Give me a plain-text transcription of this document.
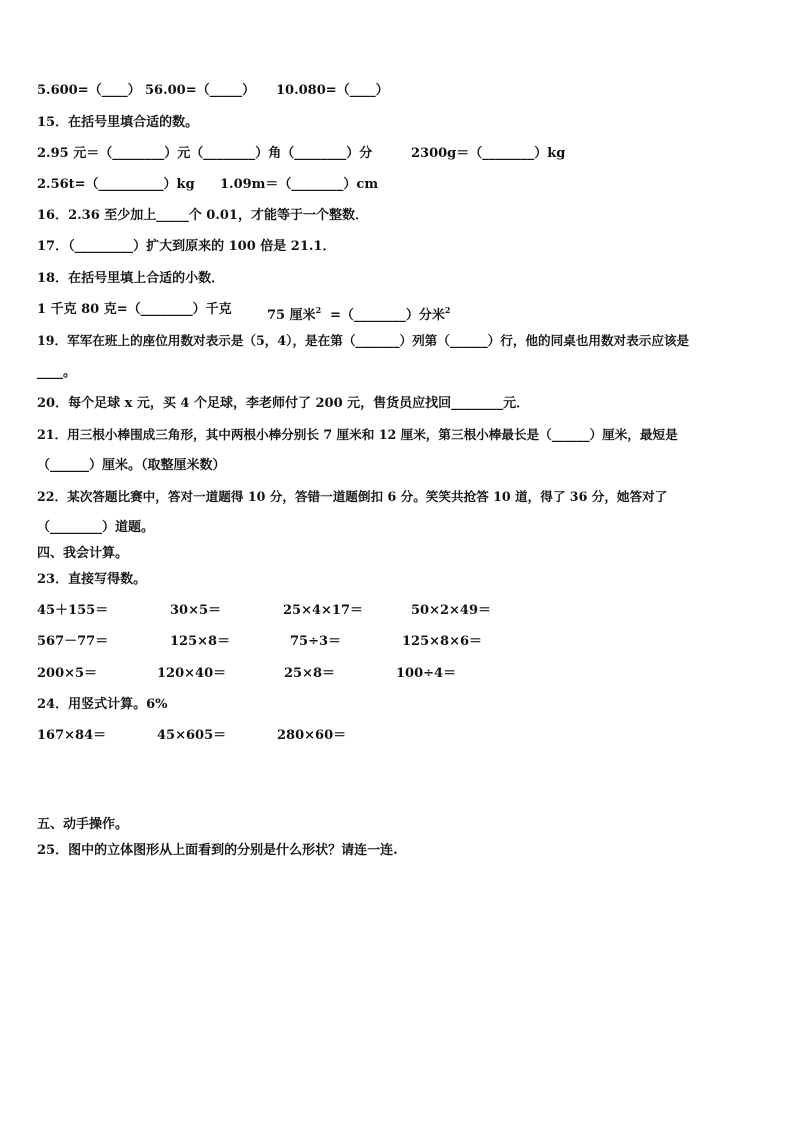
5.600=（____） 56.00=（_____） 10.080=（____）
15．在括号里填合适的数。
2.95 元＝（________）元（________）角（________）分	2300g＝（________）kg
2.56t=（__________）kg 1.09m＝（________）cm
16．2.36 至少加上_____个 0.01，才能等于一个整数．
17．（_________）扩大到原来的 100 倍是 21.1．
18．在括号里填上合适的小数．
1 千克 80 克=（________）千克	75 厘米$^2$ =（________）分米$^2$
19．军军在班上的座位用数对表示是（5，4），是在第（_______）列第（______）行，他的同桌也用数对表示应该是
____。
20．每个足球 x 元，买 4 个足球，李老师付了 200 元，售货员应找回________元．
21．用三根小棒围成三角形，其中两根小棒分别长 7 厘米和 12 厘米，第三根小棒最长是（______）厘米，最短是
（______）厘米。（取整厘米数）
22．某次答题比赛中，答对一道题得 10 分，答错一道题倒扣 6 分。笑笑共抢答 10 道，得了 36 分，她答对了
（________）道题。
四、我会计算。
23．直接写得数。
45＋155＝	30×5＝	25×4×17＝	50×2×49＝
567－77＝	125×8＝	75÷3＝	125×8×6＝
200×5＝	120×40＝	25×8＝	100÷4＝
24．用竖式计算。6%
167×84＝	45×605＝	280×60＝
五、动手操作。
25．图中的立体图形从上面看到的分别是什么形状？请连一连.
